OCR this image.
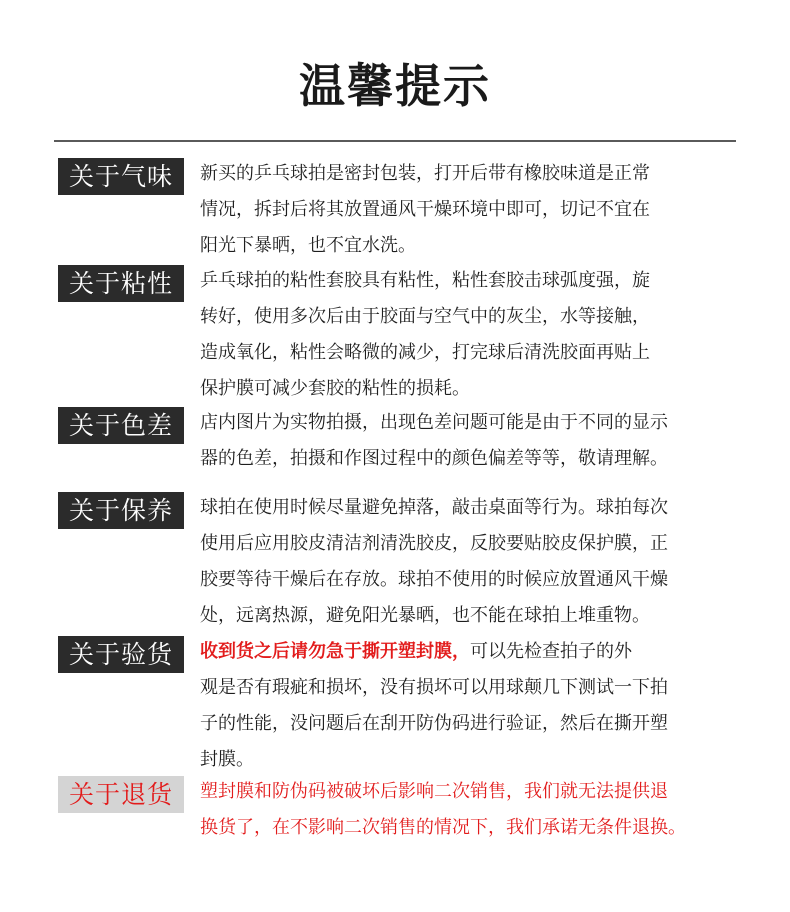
温馨提示
关于气味	新买的乒乓球拍是密封包装，打开后带有橡胶味道是正常
情况，拆封后将其放置通风干燥环境中即可，切记不宜在
阳光下暴晒，也不宜水洗。
关于粘性	乒乓球拍的粘性套胶具有粘性，粘性套胶击球弧度强，旋
转好，使用多次后由于胶面与空气中的灰尘，水等接触，
造成氧化，粘性会略微的减少，打完球后清洗胶面再贴上
保护膜可减少套胶的粘性的损耗。
关于色差	店内图片为实物拍摄，出现色差问题可能是由于不同的显示
器的色差，拍摄和作图过程中的颜色偏差等等，敬请理解。
关于保养	球拍在使用时候尽量避免掉落，敲击桌面等行为。球拍每次
使用后应用胶皮清洁剂清洗胶皮，反胶要贴胶皮保护膜，正
胶要等待干燥后在存放。球拍不使用的时候应放置通风干燥
处，远离热源，避免阳光暴晒，也不能在球拍上堆重物。
关于验货	收到货之后请勿急于撕开塑封膜，可以先检查拍子的外
观是否有瑕疵和损坏，没有损坏可以用球颠几下测试一下拍
子的性能，没问题后在刮开防伪码进行验证，然后在撕开塑
封膜。
关于退货	塑封膜和防伪码被破坏后影响二次销售，我们就无法提供退
换货了，在不影响二次销售的情况下，我们承诺无条件退换。
